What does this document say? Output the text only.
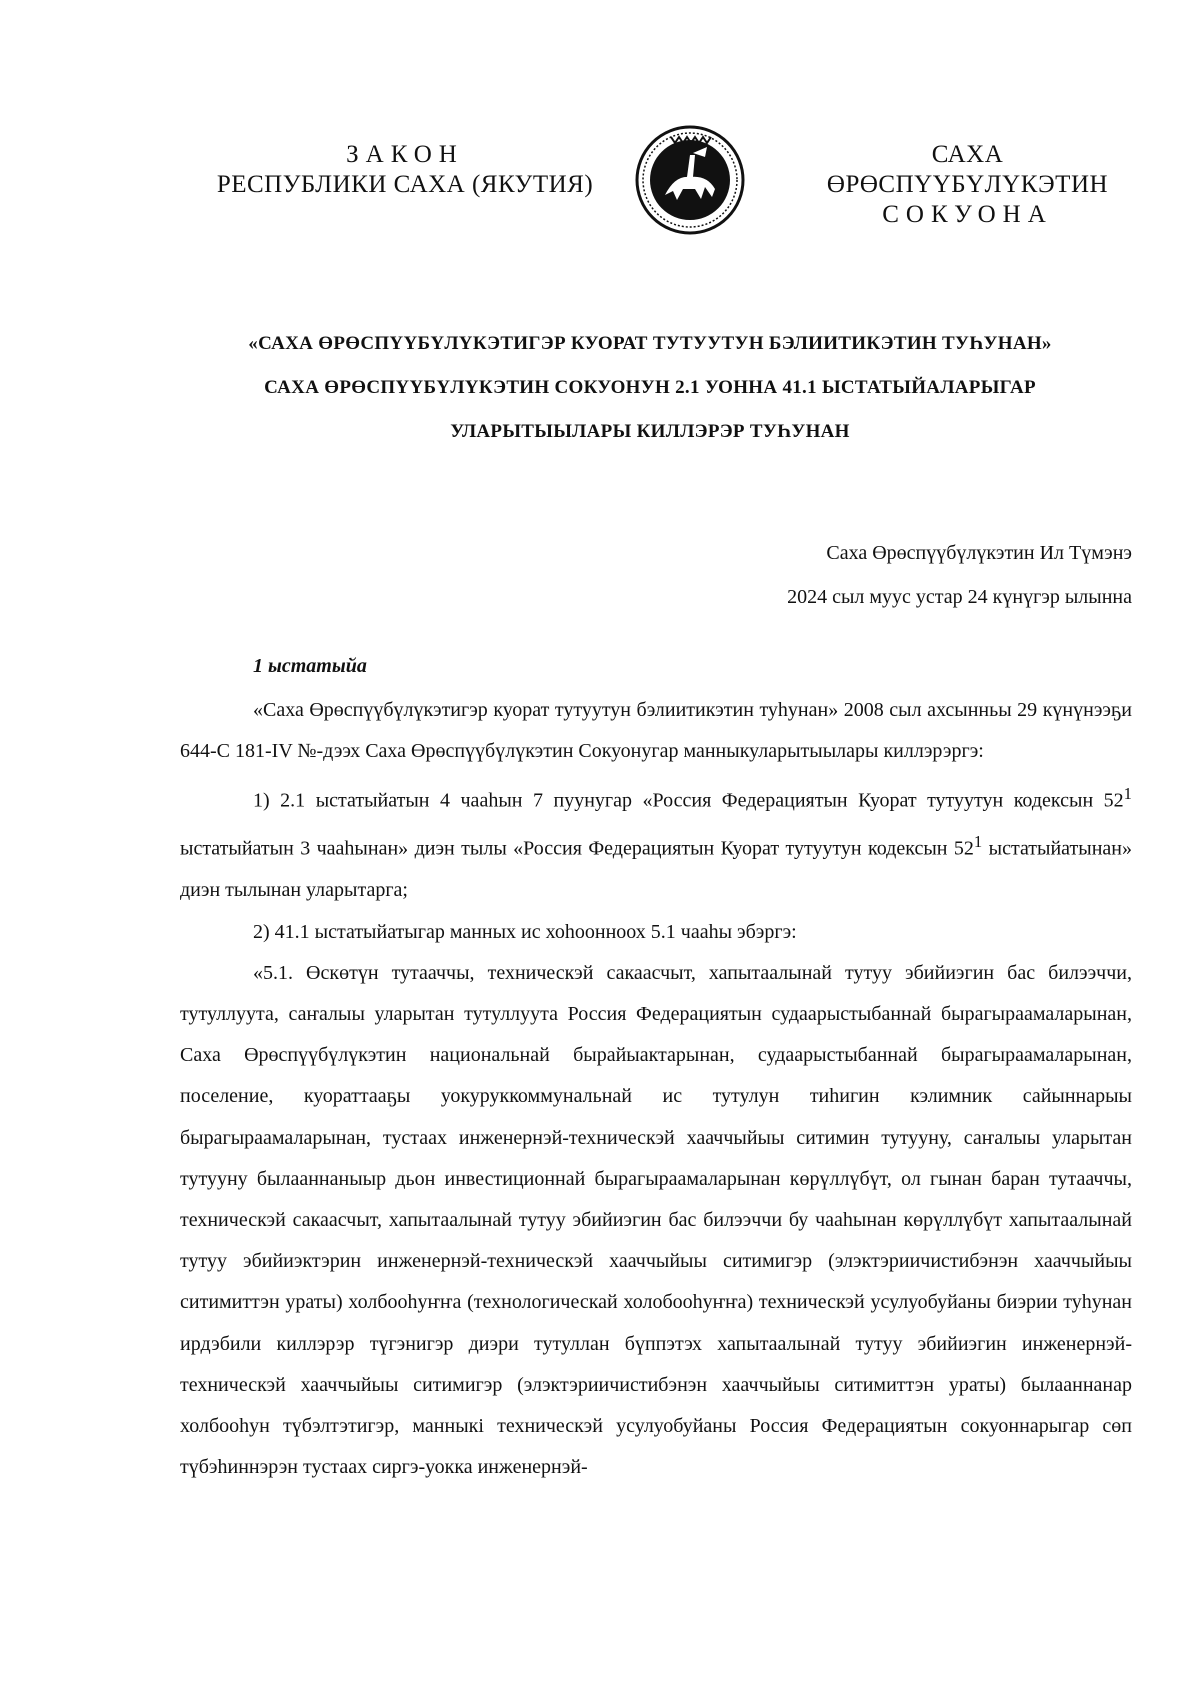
ЗАКОН
РЕСПУБЛИКИ САХА (ЯКУТИЯ)
САХА ӨРӨСПҮҮБҮЛҮКЭТИН
СОКУОНА
«САХА ӨРӨСПҮҮБҮЛҮКЭТИГЭР КУОРАТ ТУТУУТУН БЭЛИИТИКЭТИН ТУҺУНАН»
САХА ӨРӨСПҮҮБҮЛҮКЭТИН СОКУОНУН 2.1 УОННА 41.1 ЫСТАТЫЙАЛАРЫГАР
УЛАРЫТЫЫЛАРЫ КИЛЛЭРЭР ТУҺУНАН
Саха Өрөспүүбүлүкэтин Ил Түмэнэ
2024 сыл муус устар 24 күнүгэр ылынна
1 ыстатыйа

«Саха Өрөспүүбүлүкэтигэр куорат тутуутун бэлиитикэтин туһунан» 2008 сыл ахсынньы 29 күнүнээҕи 644-С 181-IV №-дээх Саха Өрөспүүбүлүкэтин Сокуонугар манныкуларытыылары киллэрэргэ:

1) 2.1 ыстатыйатын 4 чааһын 7 пуунугар «Россия Федерациятын Куорат тутуутун кодексын $52^1$ ыстатыйатын 3 чааһынан» диэн тылы «Россия Федерациятын Куорат тутуутун кодексын $52^1$ ыстатыйатынан» диэн тылынан уларытарга;

2) 41.1 ыстатыйатыгар манных ис хоһоонноох 5.1 чааһы эбэргэ:

«5.1. Өскөтүн тутааччы, техническэй сакаасчыт, хапытаалынай тутуу эбийиэгин бас билээччи, тутуллуута, саҥалыы уларытан тутуллуута Россия Федерациятын судаарыстыбаннай бырагыраамаларынан, Саха Өрөспүүбүлүкэтин национальнай бырайыактарынан, судаарыстыбаннай бырагыраамаларынан, поселение, куораттааҕы уокуруккоммунальнай ис тутулун тиһигин кэлимник сайыннарыы бырагыраамаларынан, тустаах инженернэй-техническэй хааччыйыы ситимин тутууну, саҥалыы уларытан тутууну былааннаныыр дьон инвестиционнай бырагыраамаларынан көрүллүбүт, ол гынан баран тутааччы, техническэй сакаасчыт, хапытаалынай тутуу эбийиэгин бас билээччи бу чааһынан көрүллүбүт хапытаалынай тутуу эбийиэктэрин инженернэй-техническэй хааччыйыы ситимигэр (элэктэриичистибэнэн хааччыйыы ситимиттэн ураты) холбооһуҥҥа (технологическай холобооһуҥҥа) техническэй усулуобуйаны биэрии туһунан ирдэбили киллэрэр түгэнигэр диэри тутуллан бүппэтэх хапытаалынай тутуу эбийиэгин инженернэй-техническэй хааччыйыы ситимигэр (элэктэриичистибэнэн хааччыйыы ситимиттэн ураты) былааннанар холбооһун түбэлтэтигэр, манныкі техническэй усулуобуйаны Россия Федерациятын сокуоннарыгар сөп түбэһиннэрэн тустаах сиргэ-уокка инженернэй-
